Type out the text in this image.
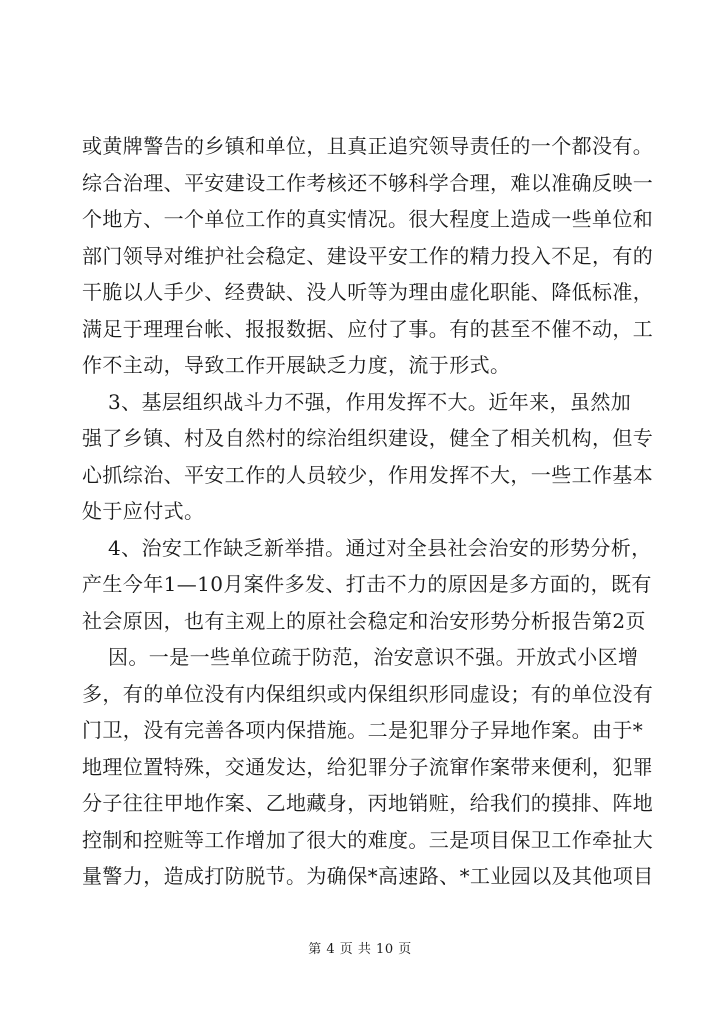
或黄牌警告的乡镇和单位，且真正追究领导责任的一个都没有。
综合治理、平安建设工作考核还不够科学合理，难以准确反映一
个地方、一个单位工作的真实情况。很大程度上造成一些单位和
部门领导对维护社会稳定、建设平安工作的精力投入不足，有的
干脆以人手少、经费缺、没人听等为理由虚化职能、降低标准，
满足于理理台帐、报报数据、应付了事。有的甚至不催不动，工
作不主动，导致工作开展缺乏力度，流于形式。
3、基层组织战斗力不强，作用发挥不大。近年来，虽然加
强了乡镇、村及自然村的综治组织建设，健全了相关机构，但专
心抓综治、平安工作的人员较少，作用发挥不大，一些工作基本
处于应付式。
4、治安工作缺乏新举措。通过对全县社会治安的形势分析，
产生今年1—10月案件多发、打击不力的原因是多方面的，既有
社会原因，也有主观上的原社会稳定和治安形势分析报告第2页
因。一是一些单位疏于防范，治安意识不强。开放式小区增
多，有的单位没有内保组织或内保组织形同虚设；有的单位没有
门卫，没有完善各项内保措施。二是犯罪分子异地作案。由于*
地理位置特殊，交通发达，给犯罪分子流窜作案带来便利，犯罪
分子往往甲地作案、乙地藏身，丙地销赃，给我们的摸排、阵地
控制和控赃等工作增加了很大的难度。三是项目保卫工作牵扯大
量警力，造成打防脱节。为确保*高速路、*工业园以及其他项目
第 4 页 共 10 页
